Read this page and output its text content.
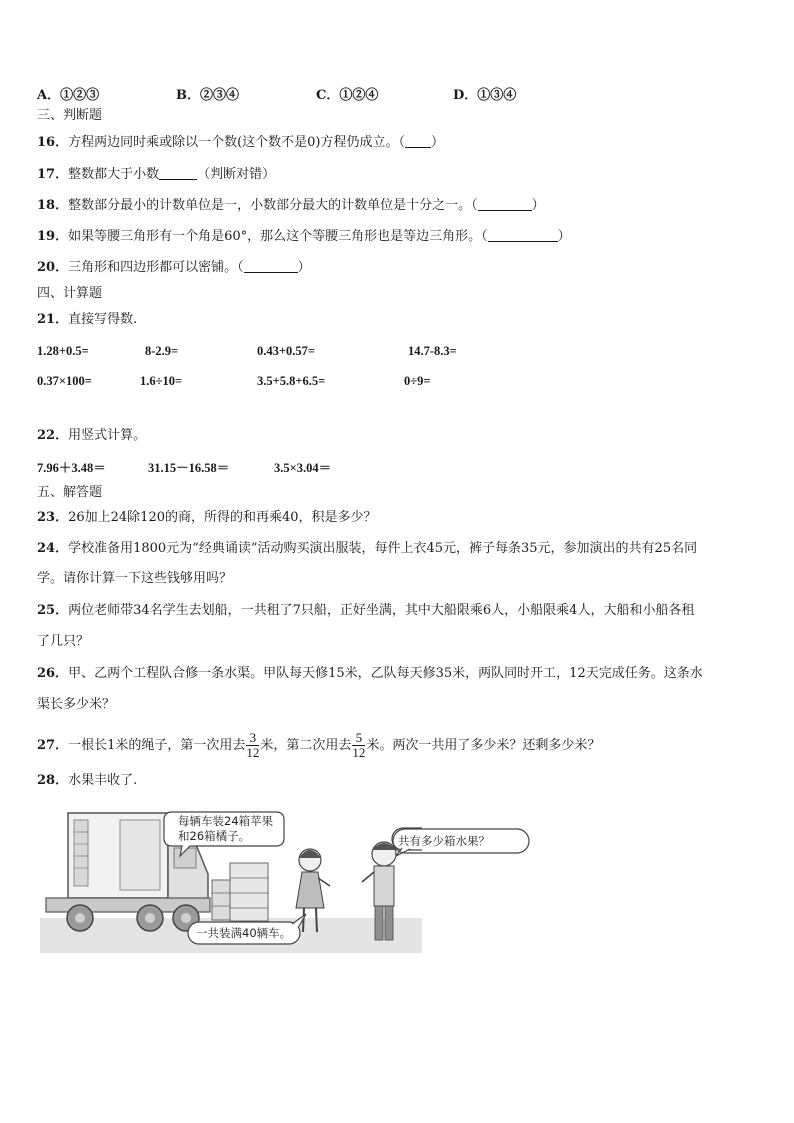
A．①②③	B．②③④	C．①②④	D．①③④
三、判断题
16．方程两边同时乘或除以一个数(这个数不是0)方程仍成立。（ ）
17．整数都大于小数	（判断对错）
18．整数部分最小的计数单位是一，小数部分最大的计数单位是十分之一。（	）
19．如果等腰三角形有一个角是60°，那么这个等腰三角形也是等边三角形。（	）
20．三角形和四边形都可以密铺。（	）
四、计算题
21．直接写得数.
1.28+0.5=	8-2.9=	0.43+0.57=	14.7-8.3=
0.37×100=	1.6÷10=	3.5+5.8+6.5=	0÷9=
22．用竖式计算。
7.96＋3.48＝	31.15－16.58＝	3.5×3.04＝
五、解答题
23．26加上24除120的商，所得的和再乘40，积是多少？
24．学校准备用1800元为“经典诵读”活动购买演出服装，每件上衣45元，裤子每条35元，参加演出的共有25名同
学。请你计算一下这些钱够用吗？
25．两位老师带34名学生去划船，一共租了7只船，正好坐满，其中大船限乘6人，小船限乘4人，大船和小船各租
了几只？
26．甲、乙两个工程队合修一条水渠。甲队每天修15米，乙队每天修35米，两队同时开工，12天完成任务。这条水
渠长多少米？
27．一根长1米的绳子，第一次用去 $\frac{3}{12}$ 米，第二次用去 $\frac{5}{12}$ 米。两次一共用了多少米？还剩多少米？
28．水果丰收了.
每辆车装24箱苹果
和26箱橘子。
一共装满40辆车。
共有多少箱水果？
